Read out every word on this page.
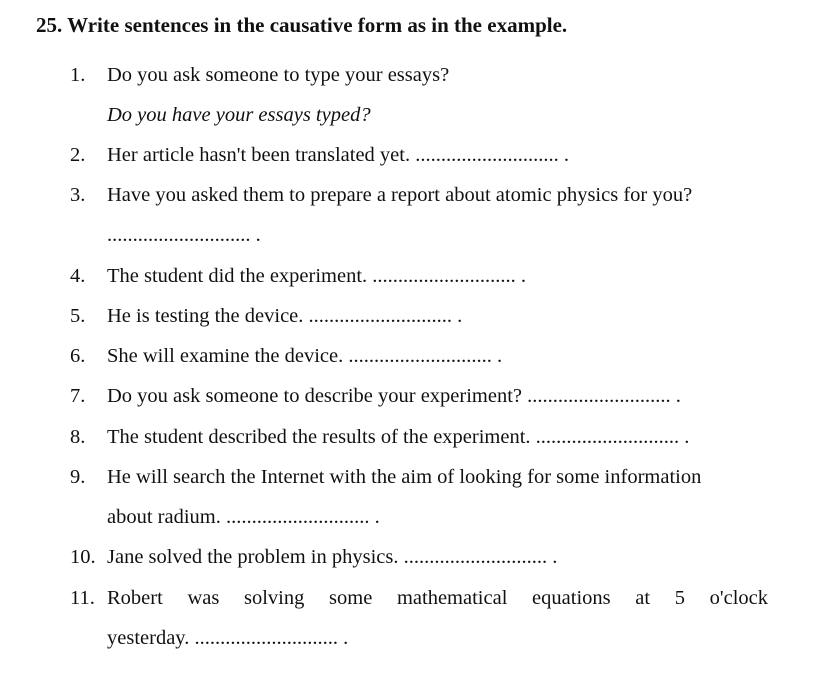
25. Write sentences in the causative form as in the example.
1.	Do you ask someone to type your essays?
Do you have your essays typed?
2.	Her article hasn't been translated yet. ............................ .
3.	Have you asked them to prepare a report about atomic physics for you?
............................ .
4.	The student did the experiment. ............................ .
5.	He is testing the device. ............................ .
6.	She will examine the device. ............................ .
7.	Do you ask someone to describe your experiment? ............................ .
8.	The student described the results of the experiment. ............................ .
9.	He will search the Internet with the aim of looking for some information
about radium. ............................ .
10. Jane solved the problem in physics. ............................ .
11. Robert was solving some mathematical equations at 5 o'clock
yesterday. ............................ .
